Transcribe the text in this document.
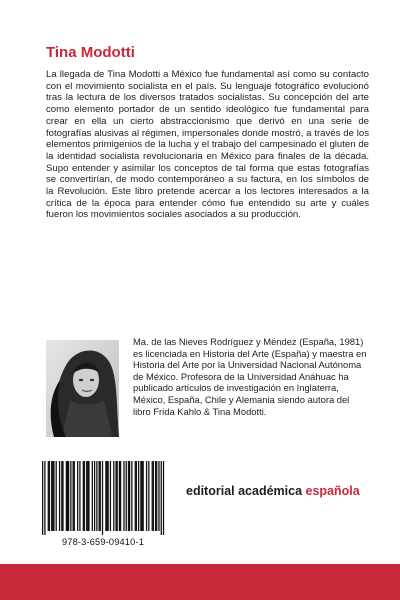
Tina Modotti

La llegada de Tina Modotti a México fue fundamental así como su contacto con el movimiento socialista en el país. Su lenguaje fotográfico evolucionó tras la lectura de los diversos tratados socialistas. Su concepción del arte como elemento portador de un sentido ideológico fue fundamental para crear en ella un cierto abstraccionismo que derivó en una serie de fotografías alusivas al régimen, impersonales donde mostró, a través de los elementos primigenios de la lucha y el trabajo del campesinado el gluten de la identidad socialista revolucionaria en México para finales de la década. Supo entender y asimilar los conceptos de tal forma que estas fotografías se convertirían, de modo contemporáneo a su factura, en los símbolos de la Revolución. Este libro pretende acercar a los lectores interesados a la crítica de la época para entender cómo fue entendido su arte y cuáles fueron los movimientos sociales asociados a su producción.

Ma. de las Nieves Rodríguez y Méndez (España, 1981) es licenciada en Historia del Arte (España) y maestra en Historia del Arte por la Universidad Nacional Autónoma de México. Profesora de la Universidad Anáhuac ha publicado artículos de investigación en Inglaterra, México, España, Chile y Alemania siendo autora del libro Frida Kahlo & Tina Modotti.

978-3-659-09410-1
editorial académica española
